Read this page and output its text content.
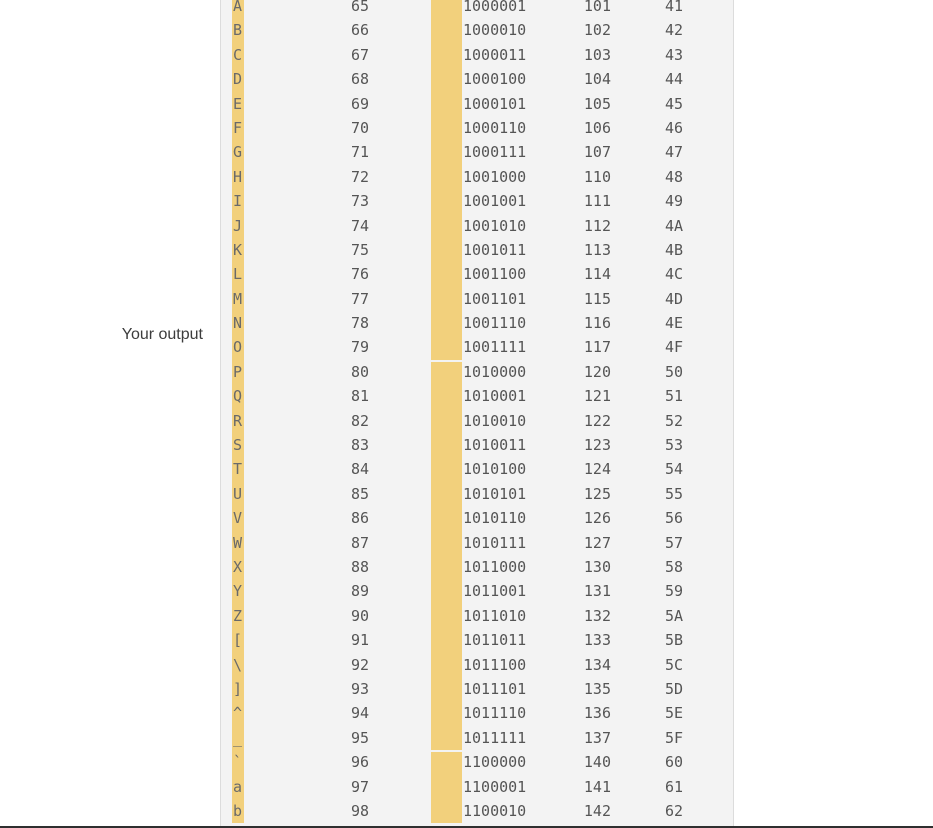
Your output
A	65	1000001	101	41
B	66	1000010	102	42
C	67	1000011	103	43
D	68	1000100	104	44
E	69	1000101	105	45
F	70	1000110	106	46
G	71	1000111	107	47
H	72	1001000	110	48
I	73	1001001	111	49
J	74	1001010	112	4A
K	75	1001011	113	4B
L	76	1001100	114	4C
M	77	1001101	115	4D
N	78	1001110	116	4E
O	79	1001111	117	4F
P	80	1010000	120	50
Q	81	1010001	121	51
R	82	1010010	122	52
S	83	1010011	123	53
T	84	1010100	124	54
U	85	1010101	125	55
V	86	1010110	126	56
W	87	1010111	127	57
X	88	1011000	130	58
Y	89	1011001	131	59
Z	90	1011010	132	5A
[	91	1011011	133	5B
\	92	1011100	134	5C
]	93	1011101	135	5D
^	94	1011110	136	5E
_	95	1011111	137	5F
`	96	1100000	140	60
a	97	1100001	141	61
b	98	1100010	142	62
